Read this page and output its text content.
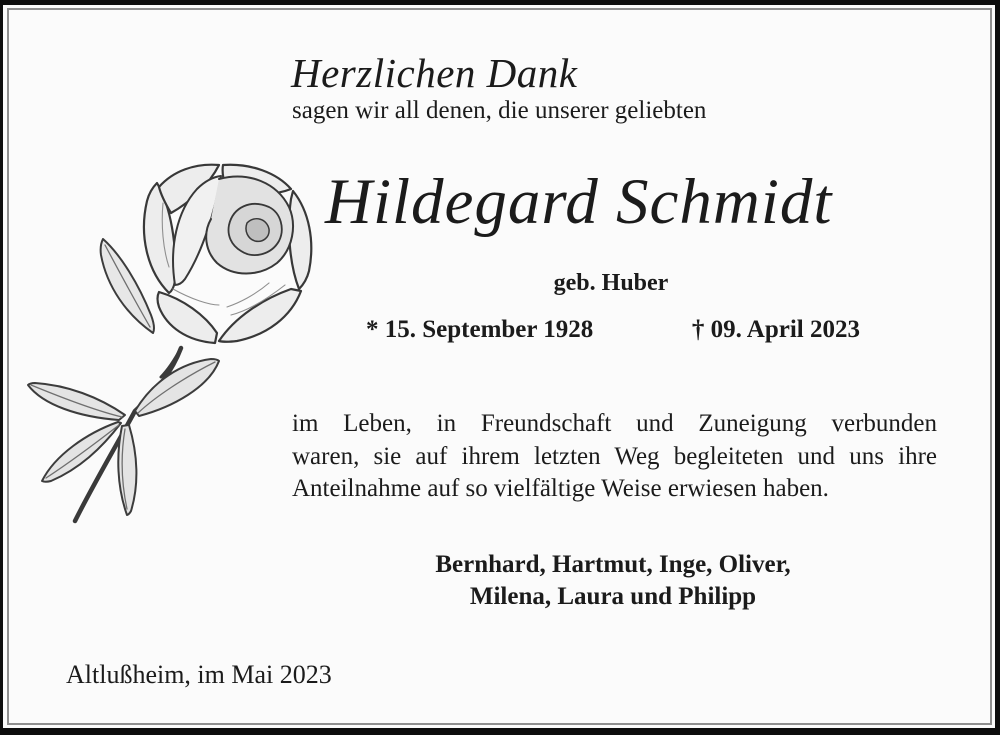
Herzlichen Dank
sagen wir all denen, die unserer geliebten
Hildegard Schmidt
geb. Huber
* 15. September 1928	† 09. April 2023
im Leben, in Freundschaft und Zuneigung verbunden
waren, sie auf ihrem letzten Weg begleiteten und uns ihre
Anteilnahme auf so vielfältige Weise erwiesen haben.
Bernhard, Hartmut, Inge, Oliver,
Milena, Laura und Philipp
Altlußheim, im Mai 2023
